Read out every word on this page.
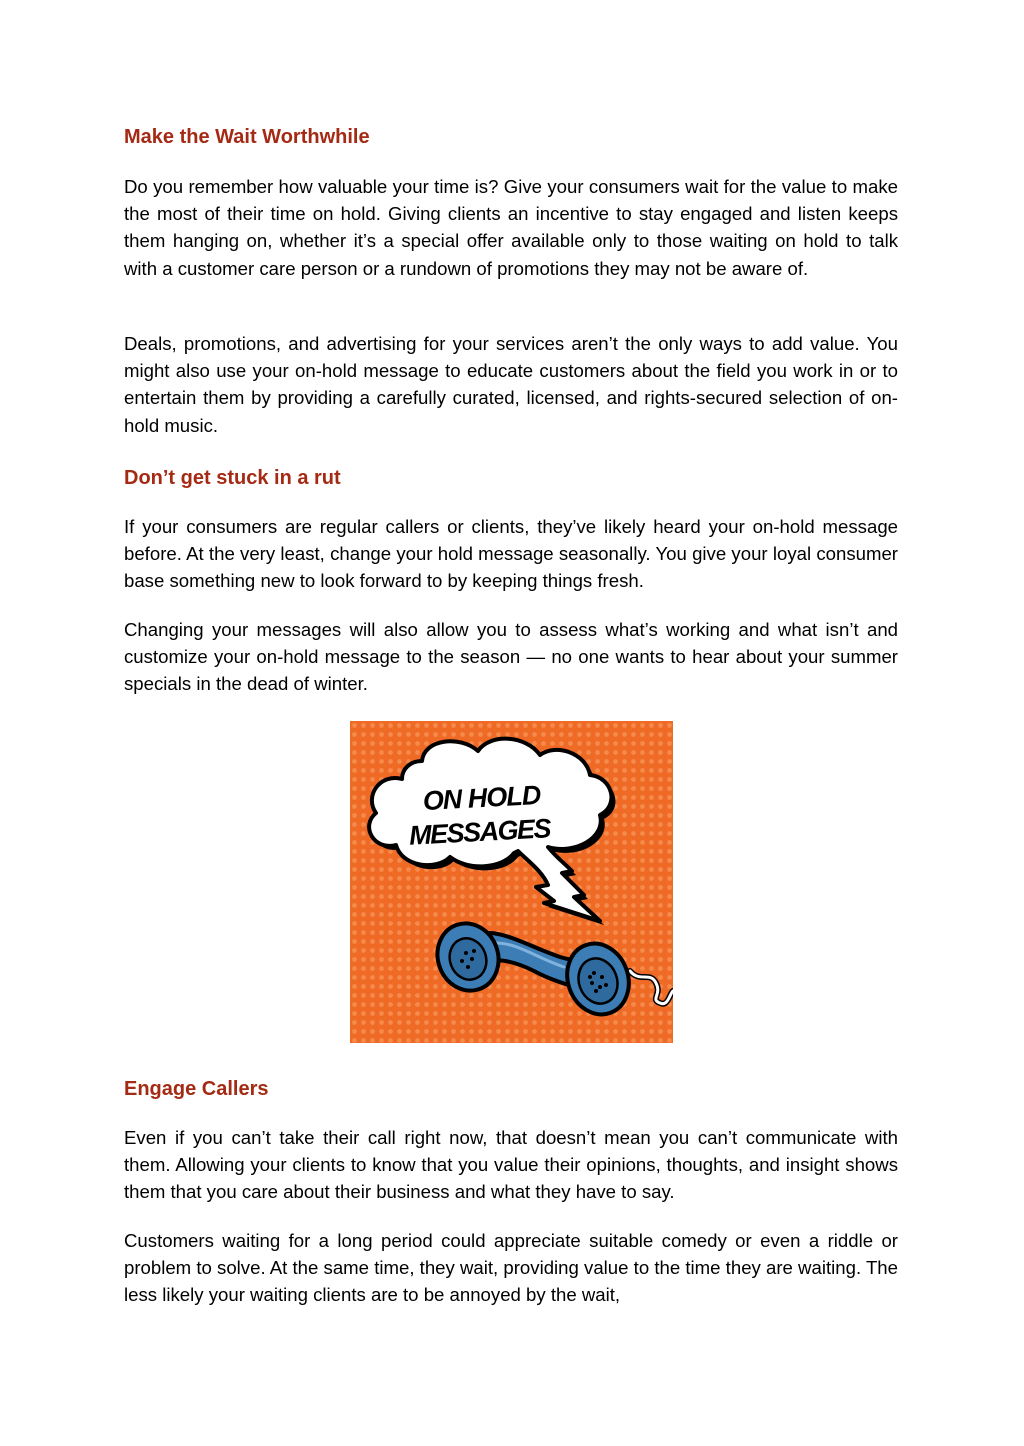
Make the Wait Worthwhile

Do you remember how valuable your time is? Give your consumers wait for the value to make the most of their time on hold. Giving clients an incentive to stay engaged and listen keeps them hanging on, whether it’s a special offer available only to those waiting on hold to talk with a customer care person or a rundown of promotions they may not be aware of.

Deals, promotions, and advertising for your services aren’t the only ways to add value. You might also use your on-hold message to educate customers about the field you work in or to entertain them by providing a carefully curated, licensed, and rights-secured selection of on-hold music.

Don’t get stuck in a rut

If your consumers are regular callers or clients, they’ve likely heard your on-hold message before. At the very least, change your hold message seasonally. You give your loyal consumer base something new to look forward to by keeping things fresh.

Changing your messages will also allow you to assess what’s working and what isn’t and customize your on-hold message to the season — no one wants to hear about your summer specials in the dead of winter.

ON HOLD
MESSAGES
Engage Callers

Even if you can’t take their call right now, that doesn’t mean you can’t communicate with them. Allowing your clients to know that you value their opinions, thoughts, and insight shows them that you care about their business and what they have to say.

Customers waiting for a long period could appreciate suitable comedy or even a riddle or problem to solve. At the same time, they wait, providing value to the time they are waiting. The less likely your waiting clients are to be annoyed by the wait,
